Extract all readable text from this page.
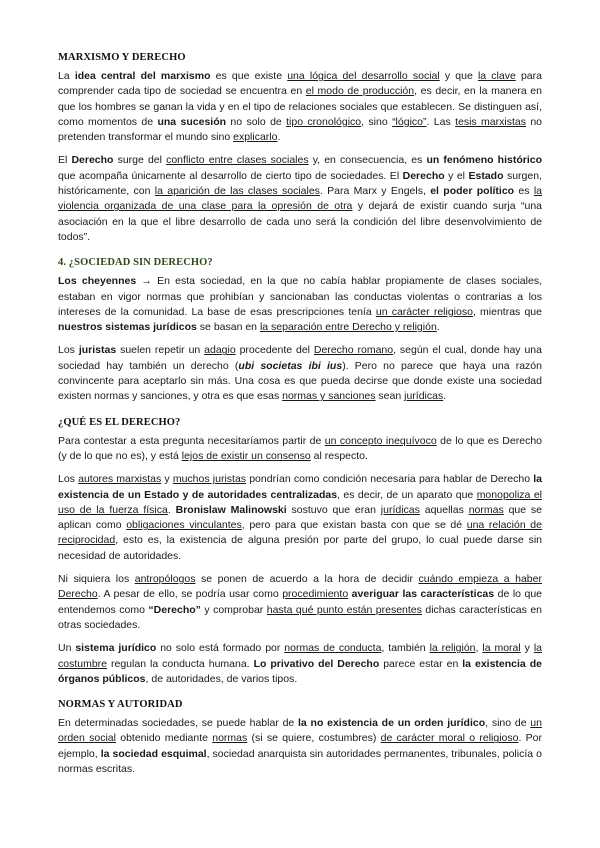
MARXISMO Y DERECHO

La idea central del marxismo es que existe una lógica del desarrollo social y que la clave para comprender cada tipo de sociedad se encuentra en el modo de producción, es decir, en la manera en que los hombres se ganan la vida y en el tipo de relaciones sociales que establecen. Se distinguen así, como momentos de una sucesión no solo de tipo cronológico, sino “lógico”. Las tesis marxistas no pretenden transformar el mundo sino explicarlo.

El Derecho surge del conflicto entre clases sociales y, en consecuencia, es un fenómeno histórico que acompaña únicamente al desarrollo de cierto tipo de sociedades. El Derecho y el Estado surgen, históricamente, con la aparición de las clases sociales. Para Marx y Engels, el poder político es la violencia organizada de una clase para la opresión de otra y dejará de existir cuando surja “una asociación en la que el libre desarrollo de cada uno será la condición del libre desenvolvimiento de todos”.

4. ¿SOCIEDAD SIN DERECHO?

Los cheyennes → En esta sociedad, en la que no cabía hablar propiamente de clases sociales, estaban en vigor normas que prohibían y sancionaban las conductas violentas o contrarias a los intereses de la comunidad. La base de esas prescripciones tenía un carácter religioso, mientras que nuestros sistemas jurídicos se basan en la separación entre Derecho y religión.

Los juristas suelen repetir un adagio procedente del Derecho romano, según el cual, donde hay una sociedad hay también un derecho (ubi societas ibi ius). Pero no parece que haya una razón convincente para aceptarlo sin más. Una cosa es que pueda decirse que donde existe una sociedad existen normas y sanciones, y otra es que esas normas y sanciones sean jurídicas.

¿QUÉ ES EL DERECHO?

Para contestar a esta pregunta necesitaríamos partir de un concepto inequívoco de lo que es Derecho (y de lo que no es), y está lejos de existir un consenso al respecto.

Los autores marxistas y muchos juristas pondrían como condición necesaria para hablar de Derecho la existencia de un Estado y de autoridades centralizadas, es decir, de un aparato que monopoliza el uso de la fuerza física. Bronislaw Malinowski sostuvo que eran jurídicas aquellas normas que se aplican como obligaciones vinculantes, pero para que existan basta con que se dé una relación de reciprocidad, esto es, la existencia de alguna presión por parte del grupo, lo cual puede darse sin necesidad de autoridades.

Ni siquiera los antropólogos se ponen de acuerdo a la hora de decidir cuándo empieza a haber Derecho. A pesar de ello, se podría usar como procedimiento averiguar las características de lo que entendemos como “Derecho” y comprobar hasta qué punto están presentes dichas características en otras sociedades.

Un sistema jurídico no solo está formado por normas de conducta, también la religión, la moral y la costumbre regulan la conducta humana. Lo privativo del Derecho parece estar en la existencia de órganos públicos, de autoridades, de varios tipos.

NORMAS Y AUTORIDAD

En determinadas sociedades, se puede hablar de la no existencia de un orden jurídico, sino de un orden social obtenido mediante normas (si se quiere, costumbres) de carácter moral o religioso. Por ejemplo, la sociedad esquimal, sociedad anarquista sin autoridades permanentes, tribunales, policía o normas escritas.
